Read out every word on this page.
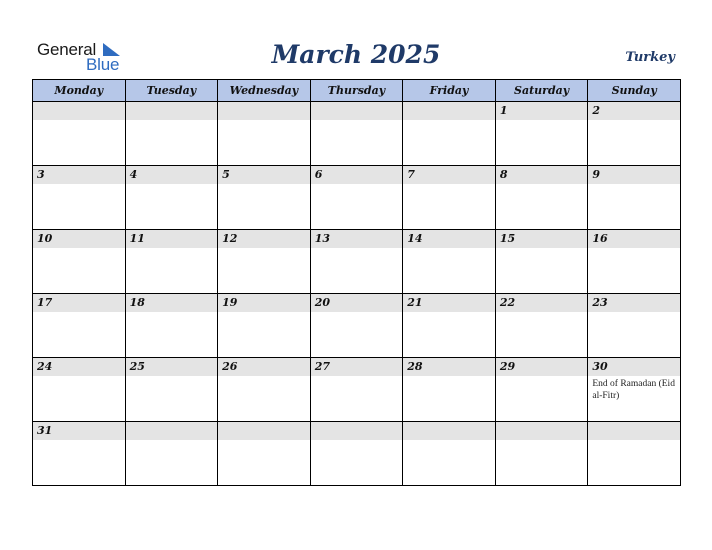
General
Blue	March 2025	Turkey
Monday	Tuesday	Wednesday	Thursday	Friday	Saturday	Sunday

					1	2

3	4	5	6	7	8	9

10	11	12	13	14	15	16

17	18	19	20	21	22	23

24	25	26	27	28	29	30
End of Ramadan (Eid al-Fitr)

31						
